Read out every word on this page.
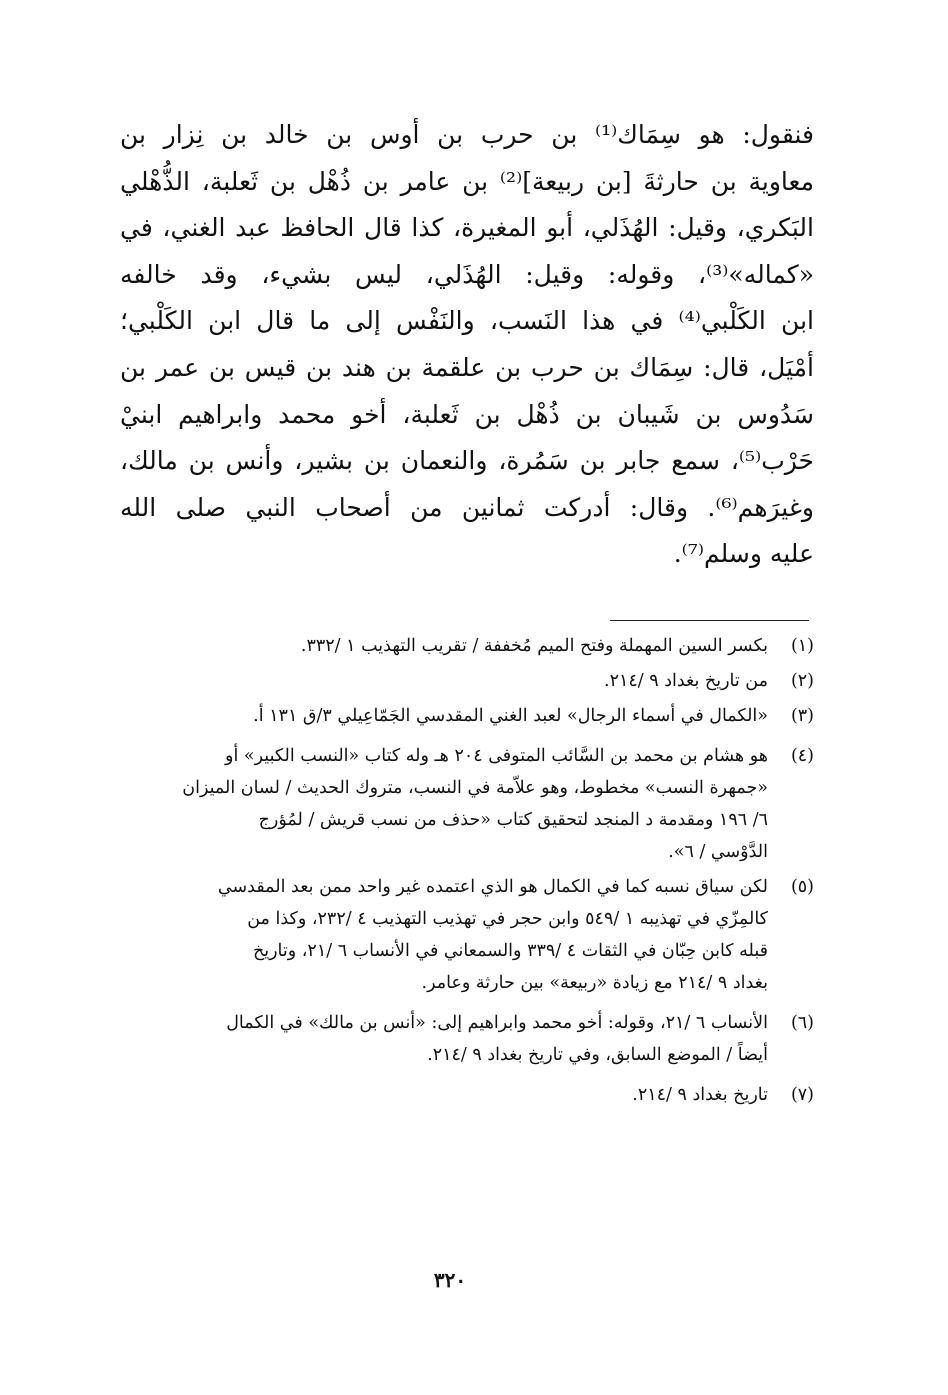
فنقول: هو سِمَاك⁽¹⁾ بن حرب بن أوس بن خالد بن نِزار بن
معاوية بن حارثةَ [بن ربيعة]⁽²⁾ بن عامر بن ذُهْل بن ثَعلبة، الذُّهْلي
البَكري، وقيل: الهُذَلي، أبو المغيرة، كذا قال الحافظ عبد الغني، في
«كماله»⁽³⁾، وقوله: وقيل: الهُذَلي، ليس بشيء، وقد خالفه
ابن الكَلْبي⁽⁴⁾ في هذا النَسب، والنَفْس إلى ما قال ابن الكَلْبي؛
أمْيَل، قال: سِمَاك بن حرب بن علقمة بن هند بن قيس بن عمر بن
سَدُوس بن شَيبان بن ذُهْل بن ثَعلبة، أخو محمد وابراهيم ابنيْ
حَرْب⁽⁵⁾، سمع جابر بن سَمُرة، والنعمان بن بشير، وأنس بن مالك،
وغيرَهم⁽⁶⁾. وقال: أدركت ثمانين من أصحاب النبي صلى الله
عليه وسلم⁽⁷⁾.
(١)
بكسر السين المهملة وفتح الميم مُخففة / تقريب التهذيب ١ /٣٣٢.
(٢)
من تاريخ بغداد ٩ /٢١٤.
(٣)
«الكمال في أسماء الرجال» لعبد الغني المقدسي الجَمّاعِيلي ٣/ق ١٣١ أ.
(٤)
هو هشام بن محمد بن السَّائب المتوفى ٢٠٤ هـ وله كتاب «النسب الكبير» أو
«جمهرة النسب» مخطوط، وهو علاّمة في النسب، متروك الحديث / لسان الميزان
٦/ ١٩٦ ومقدمة د المنجد لتحقيق كتاب «حذف من نسب قريش / لمُؤرج
الدَّوْسي / ٦».
(٥)
لكن سياق نسبه كما في الكمال هو الذي اعتمده غير واحد ممن بعد المقدسي
كالمِزّي في تهذيبه ١ /٥٤٩ وابن حجر في تهذيب التهذيب ٤ /٢٣٢، وكذا من
قبله كابن حِبّان في الثقات ٤ /٣٣٩ والسمعاني في الأنساب ٦ /٢١، وتاريخ
بغداد ٩ /٢١٤ مع زيادة «ربيعة» بين حارثة وعامر.
(٦)
الأنساب ٦ /٢١، وقوله: أخو محمد وابراهيم إلى: «أنس بن مالك» في الكمال
أيضاً / الموضع السابق، وفي تاريخ بغداد ٩ /٢١٤.
(٧)
تاريخ بغداد ٩ /٢١٤.
٣٢٠
